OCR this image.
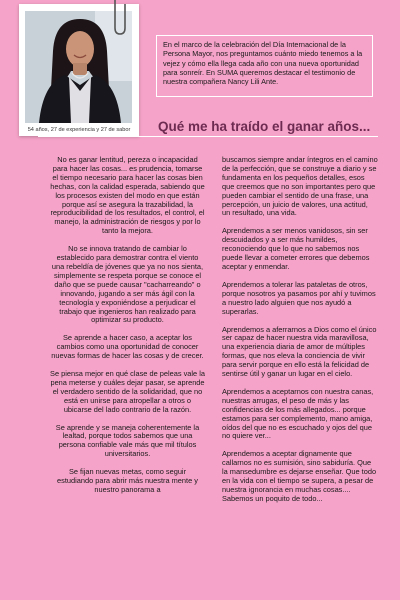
54 años, 27 de experiencia y 27 de sabor
En el marco de la celebración del Día Internacional de la Persona Mayor, nos preguntamos cuánto miedo tenemos a la vejez y cómo ella llega cada año con una nueva oportunidad para sonreír. En SUMA queremos destacar el testimonio de nuestra compañera Nancy Lili Ante.
Qué me ha traído el ganar años...

No es ganar lentitud, pereza o incapacidad para hacer las cosas... es prudencia, tomarse el tiempo necesario para hacer las cosas bien hechas, con la calidad esperada, sabiendo que los procesos existen del modo en que están porque así se asegura la trazabilidad, la reproducibilidad de los resultados, el control, el manejo, la administración de riesgos y por lo tanto la mejora.

No se innova tratando de cambiar lo establecido para demostrar contra el viento una rebeldía de jóvenes que ya no nos sienta, simplemente se respeta porque se conoce el daño que se puede causar "cacharreando" o innovando, jugando a ser más ágil con la tecnología y exponiéndose a perjudicar el trabajo que ingenieros han realizado para optimizar su producto.

Se aprende a hacer caso, a aceptar los cambios como una oportunidad de conocer nuevas formas de hacer las cosas y de crecer.

Se piensa mejor en qué clase de peleas vale la pena meterse y cuáles dejar pasar, se aprende el verdadero sentido de la solidaridad, que no está en unirse para atropellar a otros o ubicarse del lado contrario de la razón.

Se aprende y se maneja coherentemente la lealtad, porque todos sabemos que una persona confiable vale más que mil títulos universitarios.

Se fijan nuevas metas, como seguir estudiando para abrir más nuestra mente y nuestro panorama a

buscamos siempre andar íntegros en el camino de la perfección, que se construye a diario y se fundamenta en los pequeños detalles, esos que creemos que no son importantes pero que pueden cambiar el sentido de una frase, una percepción, un juicio de valores, una actitud, un resultado, una vida.

Aprendemos a ser menos vanidosos, sin ser descuidados y a ser más humildes, reconociendo que lo que no sabemos nos puede llevar a cometer errores que debemos aceptar y enmendar.

Aprendemos a tolerar las pataletas de otros, porque nosotros ya pasamos por ahí y tuvimos a nuestro lado alguien que nos ayudó a superarlas.

Aprendemos a aferrarnos a Dios como el único ser capaz de hacer nuestra vida maravillosa, una experiencia diaria de amor de múltiples formas, que nos eleva la conciencia de vivir para servir porque en ello está la felicidad de sentirse útil y ganar un lugar en el cielo.

Aprendemos a aceptarnos con nuestra canas, nuestras arrugas, el peso de más y las confidencias de los más allegados... porque estamos para ser complemento, mano amiga, oídos del que no es escuchado y ojos del que no quiere ver...

Aprendemos a aceptar dignamente que callarnos no es sumisión, sino sabiduría. Que la mansedumbre es dejarse enseñar. Que todo en la vida con el tiempo se supera, a pesar de nuestra ignorancia en muchas cosas.... Sabemos un poquito de todo...
